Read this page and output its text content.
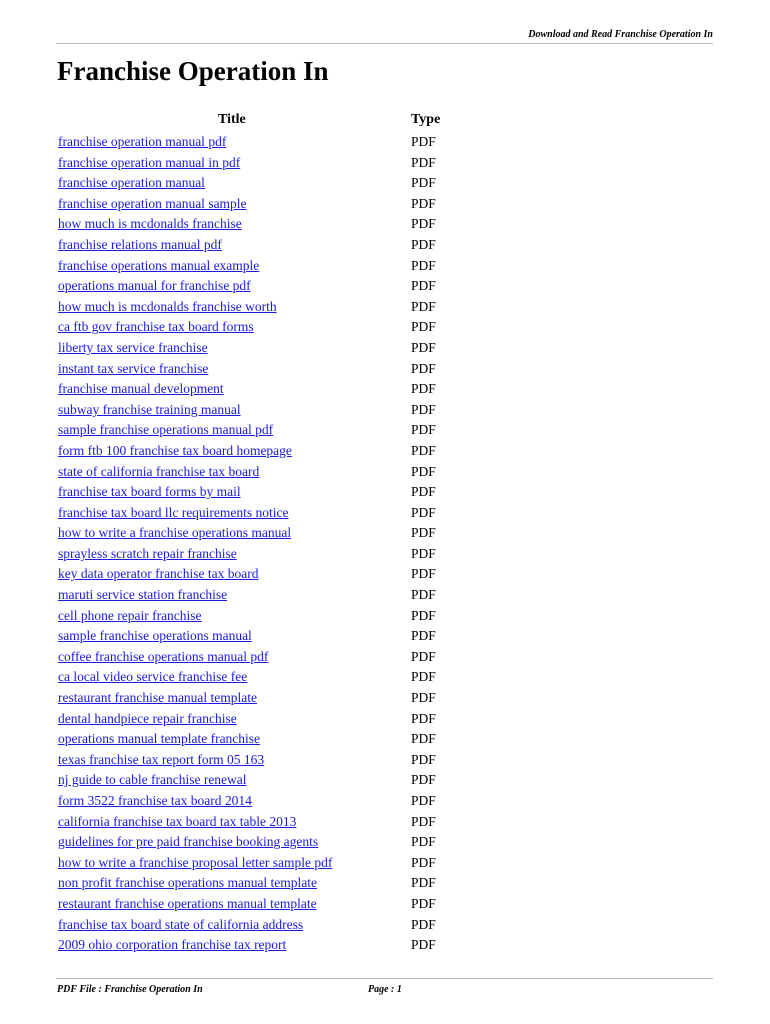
Download and Read Franchise Operation In
Franchise Operation In
Title	Type
franchise operation manual pdf	PDF
franchise operation manual in pdf	PDF
franchise operation manual	PDF
franchise operation manual sample	PDF
how much is mcdonalds franchise	PDF
franchise relations manual pdf	PDF
franchise operations manual example	PDF
operations manual for franchise pdf	PDF
how much is mcdonalds franchise worth	PDF
ca ftb gov franchise tax board forms	PDF
liberty tax service franchise	PDF
instant tax service franchise	PDF
franchise manual development	PDF
subway franchise training manual	PDF
sample franchise operations manual pdf	PDF
form ftb 100 franchise tax board homepage	PDF
state of california franchise tax board	PDF
franchise tax board forms by mail	PDF
franchise tax board llc requirements notice	PDF
how to write a franchise operations manual	PDF
sprayless scratch repair franchise	PDF
key data operator franchise tax board	PDF
maruti service station franchise	PDF
cell phone repair franchise	PDF
sample franchise operations manual	PDF
coffee franchise operations manual pdf	PDF
ca local video service franchise fee	PDF
restaurant franchise manual template	PDF
dental handpiece repair franchise	PDF
operations manual template franchise	PDF
texas franchise tax report form 05 163	PDF
nj guide to cable franchise renewal	PDF
form 3522 franchise tax board 2014	PDF
california franchise tax board tax table 2013	PDF
guidelines for pre paid franchise booking agents	PDF
how to write a franchise proposal letter sample pdf	PDF
non profit franchise operations manual template	PDF
restaurant franchise operations manual template	PDF
franchise tax board state of california address	PDF
2009 ohio corporation franchise tax report	PDF
PDF File : Franchise Operation In	Page : 1
